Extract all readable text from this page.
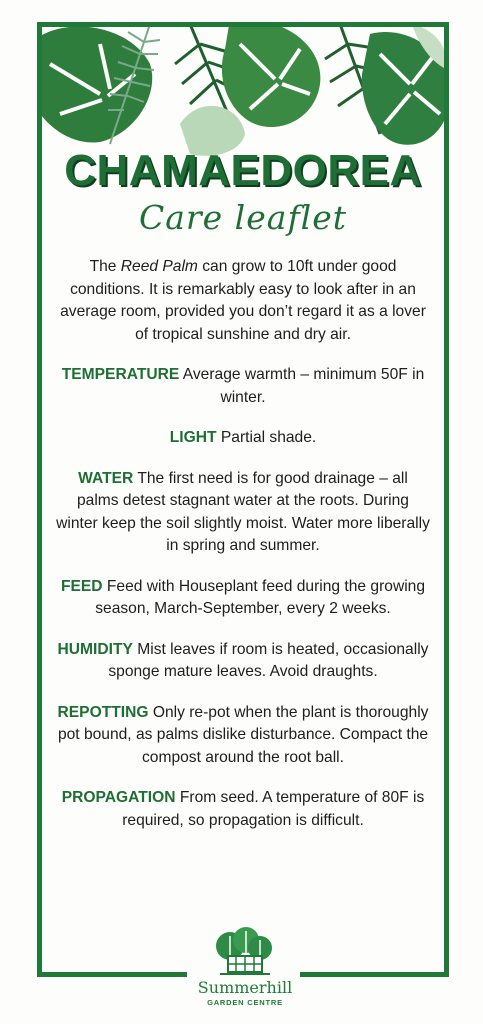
CHAMAEDOREA
Care leaflet

The Reed Palm can grow to 10ft under good conditions. It is remarkably easy to look after in an average room, provided you don’t regard it as a lover of tropical sunshine and dry air.

TEMPERATURE Average warmth – minimum 50F in winter.

LIGHT Partial shade.

WATER The first need is for good drainage – all palms detest stagnant water at the roots. During winter keep the soil slightly moist. Water more liberally in spring and summer.

FEED Feed with Houseplant feed during the growing season, March-September, every 2 weeks.

HUMIDITY Mist leaves if room is heated, occasionally sponge mature leaves. Avoid draughts.

REPOTTING Only re-pot when the plant is thoroughly pot bound, as palms dislike disturbance. Compact the compost around the root ball.

PROPAGATION From seed. A temperature of 80F is required, so propagation is difficult.

Summerhill
GARDEN CENTRE
